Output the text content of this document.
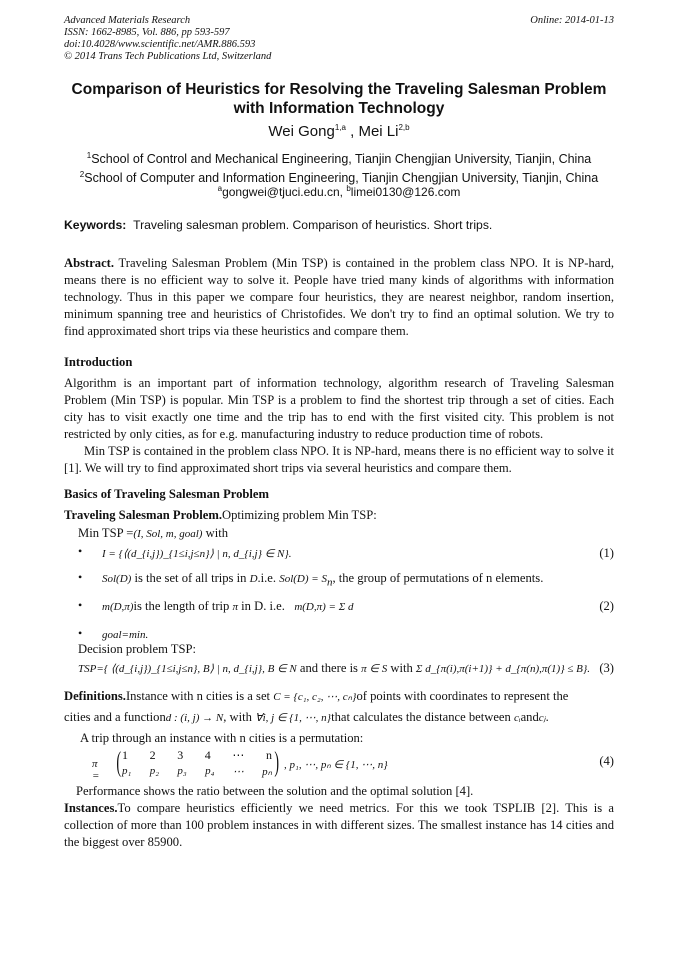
Advanced Materials Research
ISSN: 1662-8985, Vol. 886, pp 593-597
doi:10.4028/www.scientific.net/AMR.886.593
© 2014 Trans Tech Publications Ltd, Switzerland
Online: 2014-01-13
Comparison of Heuristics for Resolving the Traveling Salesman Problem
with Information Technology
Wei Gong$^{1,a}$ , Mei Li$^{2,b}$
$^1$School of Control and Mechanical Engineering, Tianjin Chengjian University, Tianjin, China
$^2$School of Computer and Information Engineering, Tianjin Chengjian University, Tianjin, China
$^a$gongwei@tjuci.edu.cn, $^b$limei0130@126.com
Keywords: Traveling salesman problem. Comparison of heuristics. Short trips.
Abstract. Traveling Salesman Problem (Min TSP) is contained in the problem class NPO. It is NP-hard, means there is no efficient way to solve it. People have tried many kinds of algorithms with information technology. Thus in this paper we compare four heuristics, they are nearest neighbor, random insertion, minimum spanning tree and heuristics of Christofides. We don't try to find an optimal solution. We try to find approximated short trips via these heuristics and compare them.
Introduction
Algorithm is an important part of information technology, algorithm research of Traveling Salesman Problem (Min TSP) is popular. Min TSP is a problem to find the shortest trip through a set of cities. Each city has to visit exactly one time and the trip has to end with the first visited city. This problem is not restricted by only cities, as for e.g. manufacturing industry to reduce production time of robots.
Min TSP is contained in the problem class NPO. It is NP-hard, means there is no efficient way to solve it [1]. We will try to find approximated short trips via several heuristics and compare them.
Basics of Traveling Salesman Problem
Traveling Salesman Problem.Optimizing problem Min TSP:
Min TSP =(I, Sol, m, goal) with
• I = {⟨(d_{i,j})_{1≤i,j≤n}⟩ | n, d_{i,j} ∈ N}.	(1)
• Sol(D) is the set of all trips in D.i.e. $Sol(D) = S_n$, the group of permutations of n elements.
• m(D,π)is the length of trip π in D. i.e. m(D,π) = Σ d	(2)
• goal=min.
Decision problem TSP:
TSP={ ⟨(d_{i,j})_{1≤i,j≤n}, B⟩ | n, d_{i,j}, B ∈ N and there is π ∈ S with Σ d_{π(i),π(i+1)} + d_{π(n),π(1)} ≤ B}. (3)
Definitions.Instance with n cities is a set C = {c₁, c₂, ⋯, cₙ}of points with coordinates to represent the
cities and a functiond : (i, j) → N, with ∀i, j ∈ {1, ⋯, n}that calculates the distance between cᵢandcⱼ.
A trip through an instance with n cities is a permutation:
π = ( 1 2 3 4 ⋯ n
p₁ p₂ p₃ p₄ ⋯ pₙ ) , p₁, ⋯, pₙ ∈ {1, ⋯, n}	(4)
Performance shows the ratio between the solution and the optimal solution [4].
Instances.To compare heuristics efficiently we need metrics. For this we took TSPLIB [2]. This is a collection of more than 100 problem instances in with different sizes. The smallest instance has 14 cities and the biggest over 85900.
